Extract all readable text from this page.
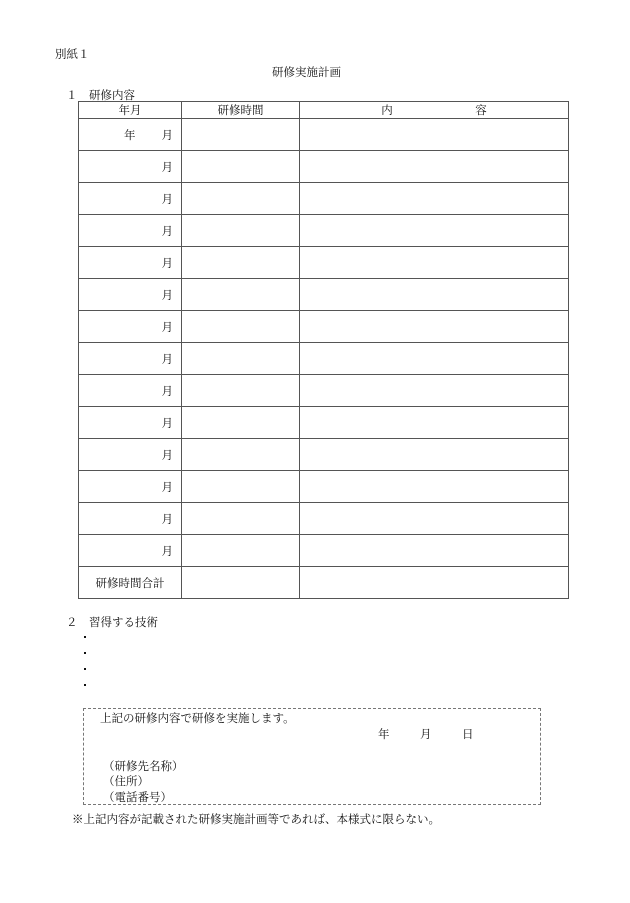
別紙１
研修実施計画
１　研修内容
年月	研修時間	内 容

年 月		
月		
月		
月		
月		
月		
月		
月		
月		
月		
月		
月		
月		
月		
研修時間合計		
２　習得する技術
上記の研修内容で研修を実施します。
年	月	日
（研修先名称）
（住所）
（電話番号）
※上記内容が記載された研修実施計画等であれば、本様式に限らない。
